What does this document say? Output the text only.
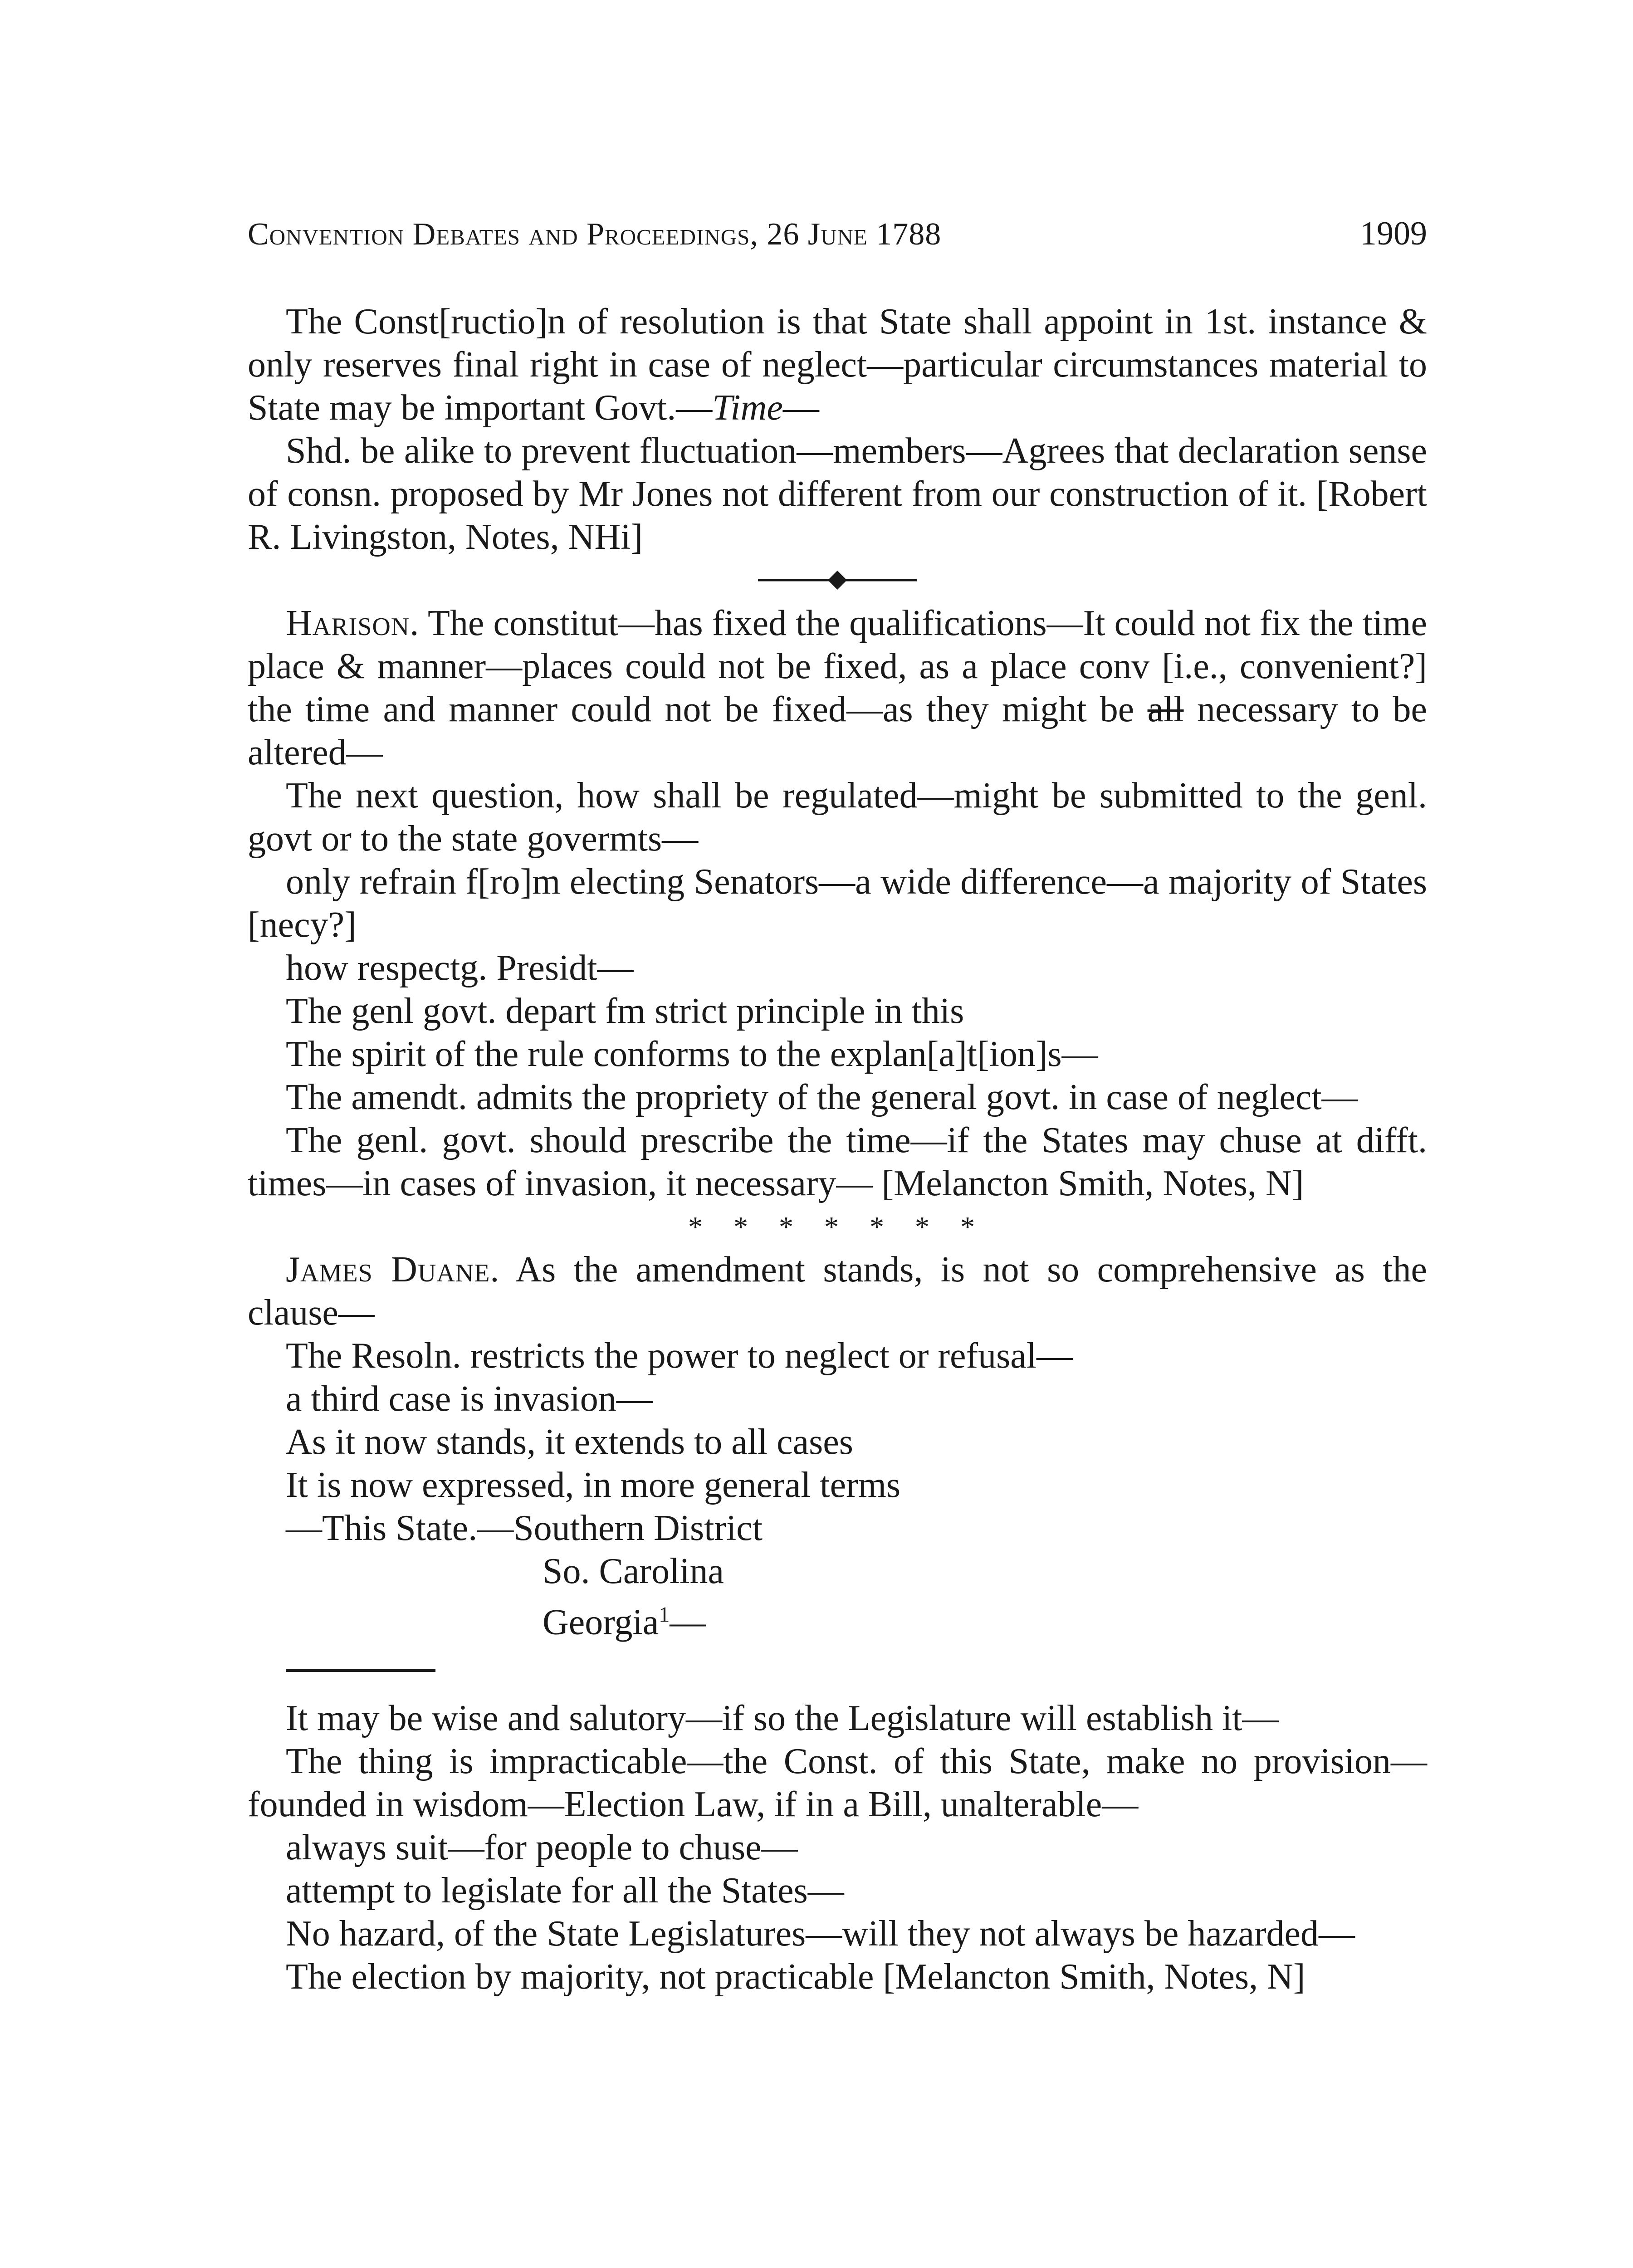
Convention Debates and Proceedings, 26 June 1788	1909

The Const[ructio]n of resolution is that State shall appoint in 1st. instance & only reserves final right in case of neglect—particular circumstances material to State may be important Govt.—Time—

Shd. be alike to prevent fluctuation—members—Agrees that declaration sense of consn. proposed by Mr Jones not different from our construction of it. [Robert R. Livingston, Notes, NHi]

Harison. The constitut—has fixed the qualifications—It could not fix the time place & manner—places could not be fixed, as a place conv [i.e., convenient?] the time and manner could not be fixed—as they might be all necessary to be altered—

The next question, how shall be regulated—might be submitted to the genl. govt or to the state govermts—

only refrain f[ro]m electing Senators—a wide difference—a majority of States [necy?]

how respectg. Presidt—

The genl govt. depart fm strict principle in this

The spirit of the rule conforms to the explan[a]t[ion]s—

The amendt. admits the propriety of the general govt. in case of neglect—

The genl. govt. should prescribe the time—if the States may chuse at difft. times—in cases of invasion, it necessary— [Melancton Smith, Notes, N]

* * * * * * *

James Duane. As the amendment stands, is not so comprehensive as the clause—

The Resoln. restricts the power to neglect or refusal—

a third case is invasion—

As it now stands, it extends to all cases

It is now expressed, in more general terms

—This State.—Southern District

So. Carolina

Georgia$^1$—

It may be wise and salutory—if so the Legislature will establish it—

The thing is impracticable—the Const. of this State, make no provision—founded in wisdom—Election Law, if in a Bill, unalterable—

always suit—for people to chuse—

attempt to legislate for all the States—

No hazard, of the State Legislatures—will they not always be hazarded—

The election by majority, not practicable [Melancton Smith, Notes, N]
